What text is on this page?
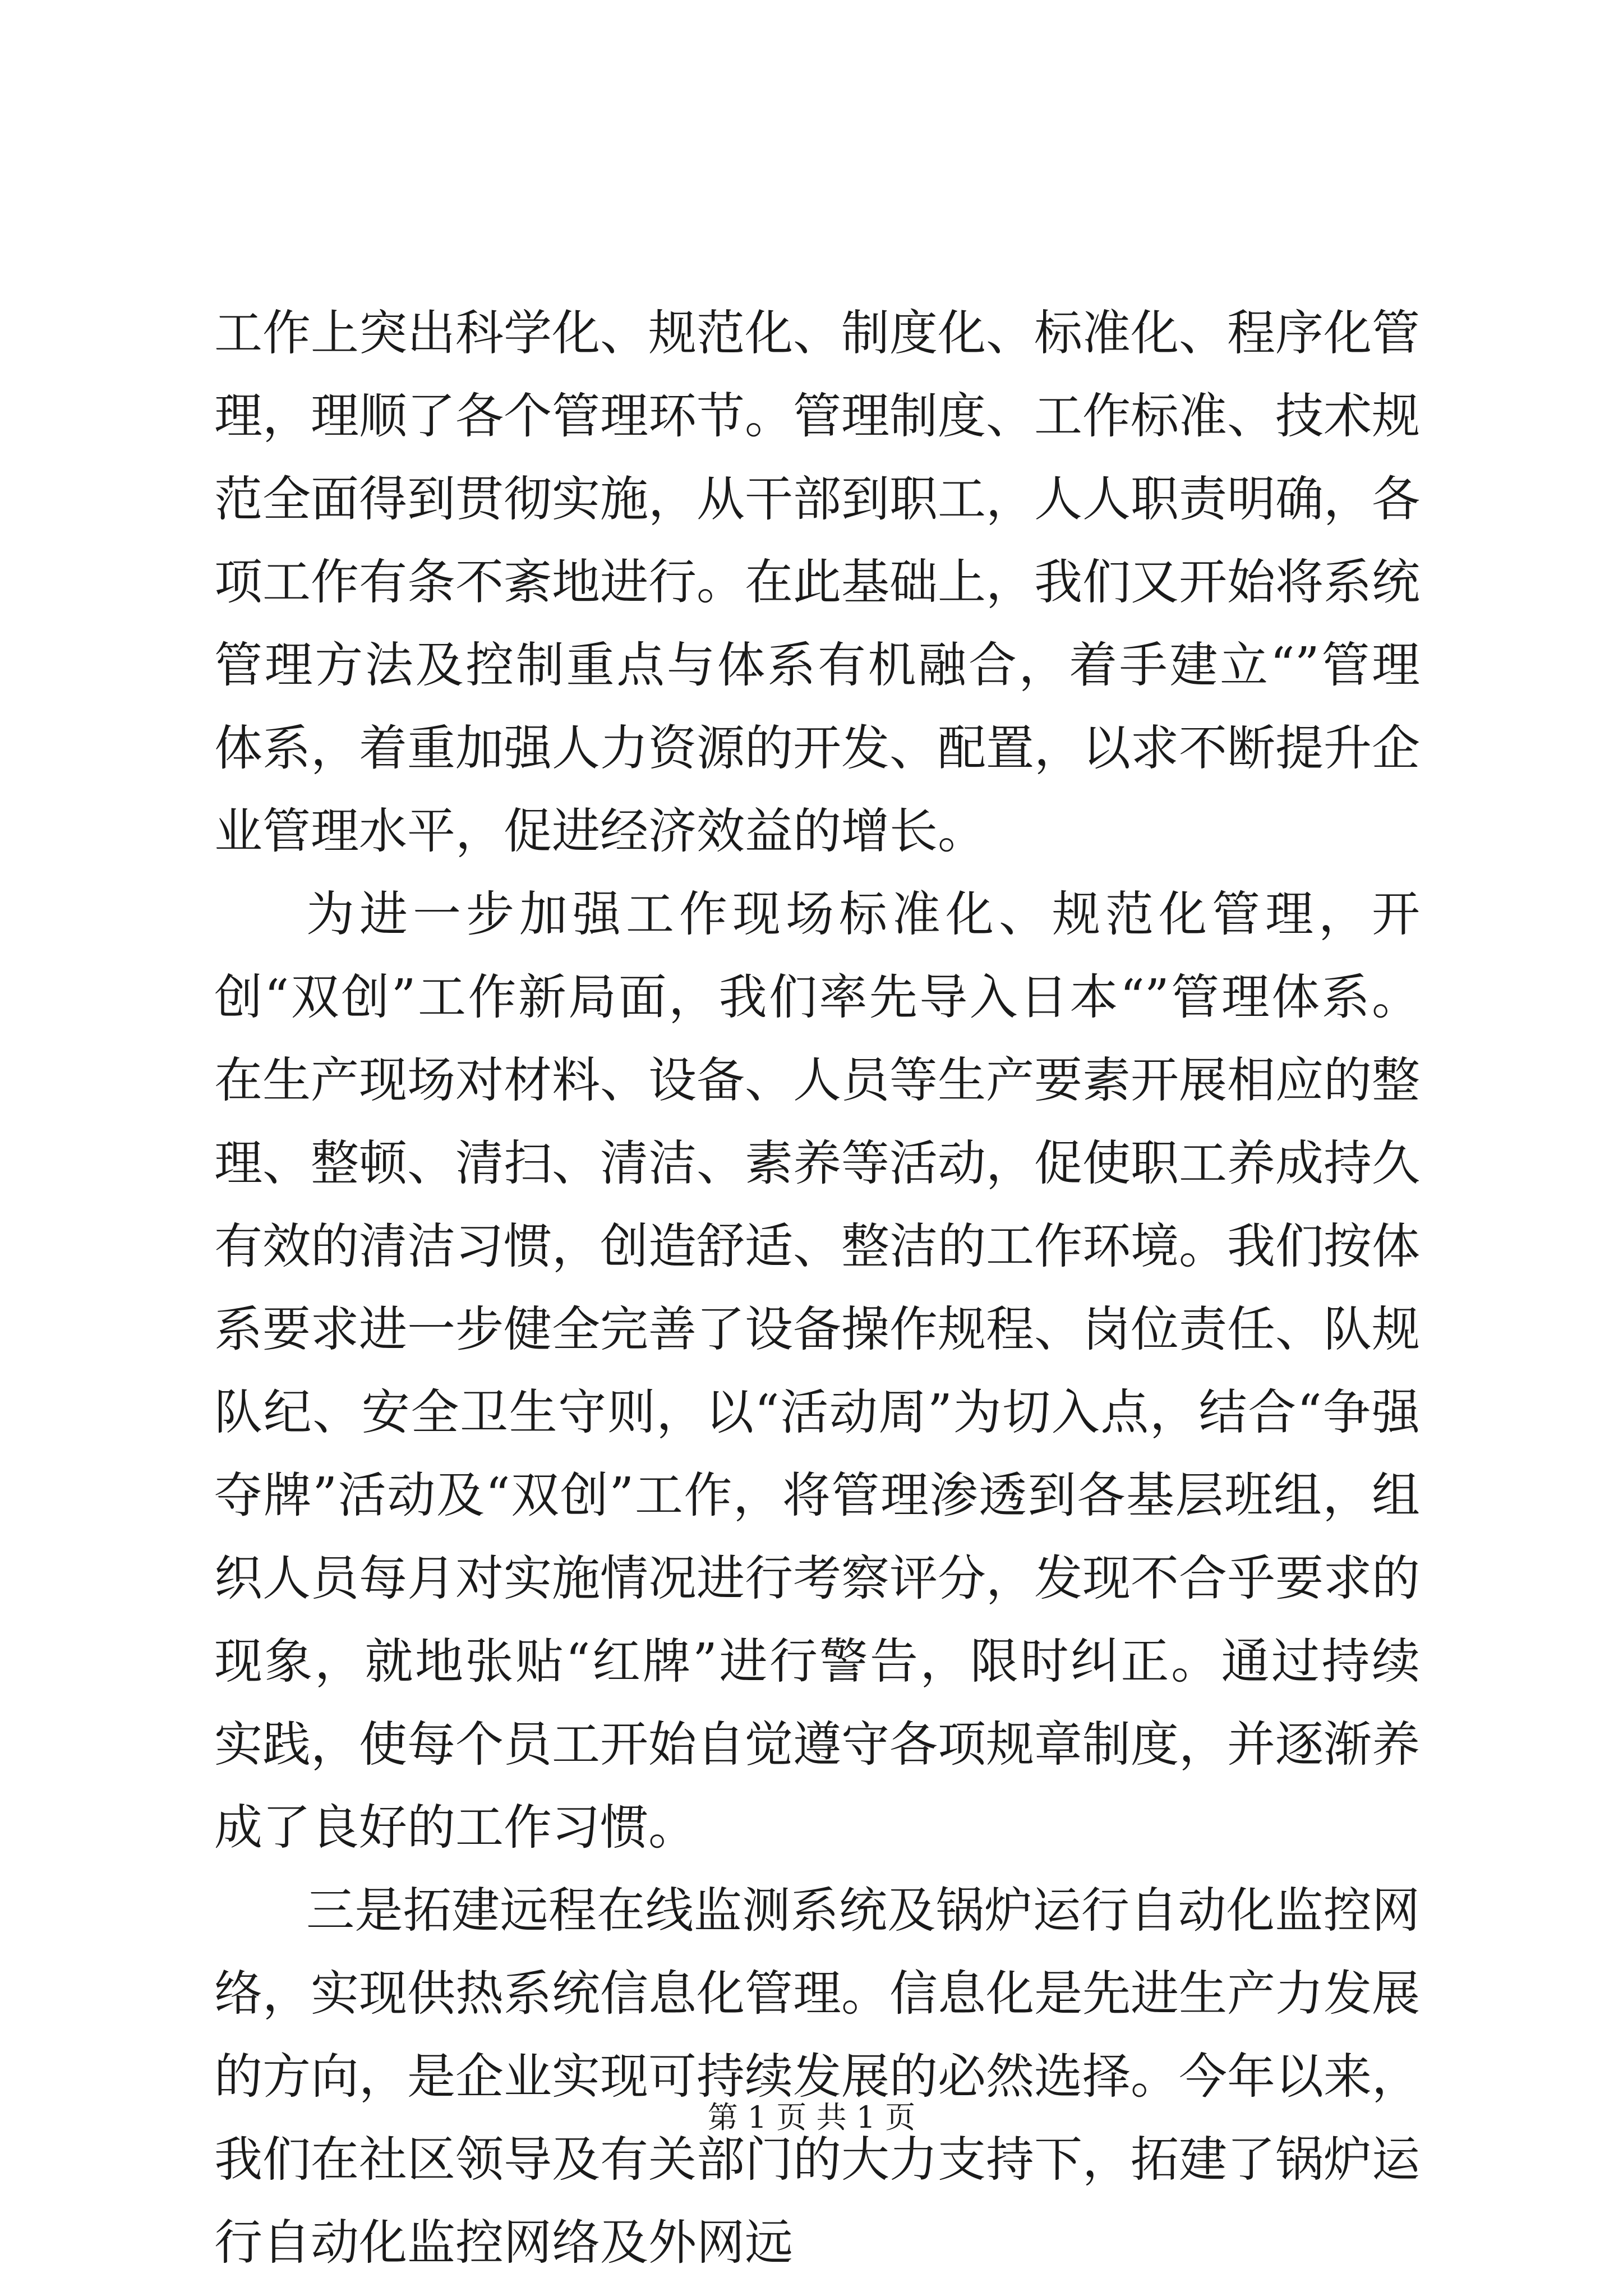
工作上突出科学化、规范化、制度化、标准化、程序化管理，理顺了各个管理环节。管理制度、工作标准、技术规范全面得到贯彻实施，从干部到职工，人人职责明确，各项工作有条不紊地进行。在此基础上，我们又开始将系统管理方法及控制重点与体系有机融合，着手建立“”管理体系，着重加强人力资源的开发、配置，以求不断提升企业管理水平，促进经济效益的增长。

为进一步加强工作现场标准化、规范化管理，开创“双创”工作新局面，我们率先导入日本“”管理体系。在生产现场对材料、设备、人员等生产要素开展相应的整理、整顿、清扫、清洁、素养等活动，促使职工养成持久有效的清洁习惯，创造舒适、整洁的工作环境。我们按体系要求进一步健全完善了设备操作规程、岗位责任、队规队纪、安全卫生守则，以“活动周”为切入点，结合“争强夺牌”活动及“双创”工作，将管理渗透到各基层班组，组织人员每月对实施情况进行考察评分，发现不合乎要求的现象，就地张贴“红牌”进行警告，限时纠正。通过持续实践，使每个员工开始自觉遵守各项规章制度，并逐渐养成了良好的工作习惯。

三是拓建远程在线监测系统及锅炉运行自动化监控网络，实现供热系统信息化管理。信息化是先进生产力发展的方向，是企业实现可持续发展的必然选择。今年以来，我们在社区领导及有关部门的大力支持下，拓建了锅炉运行自动化监控网络及外网远

第 1 页 共 1 页
